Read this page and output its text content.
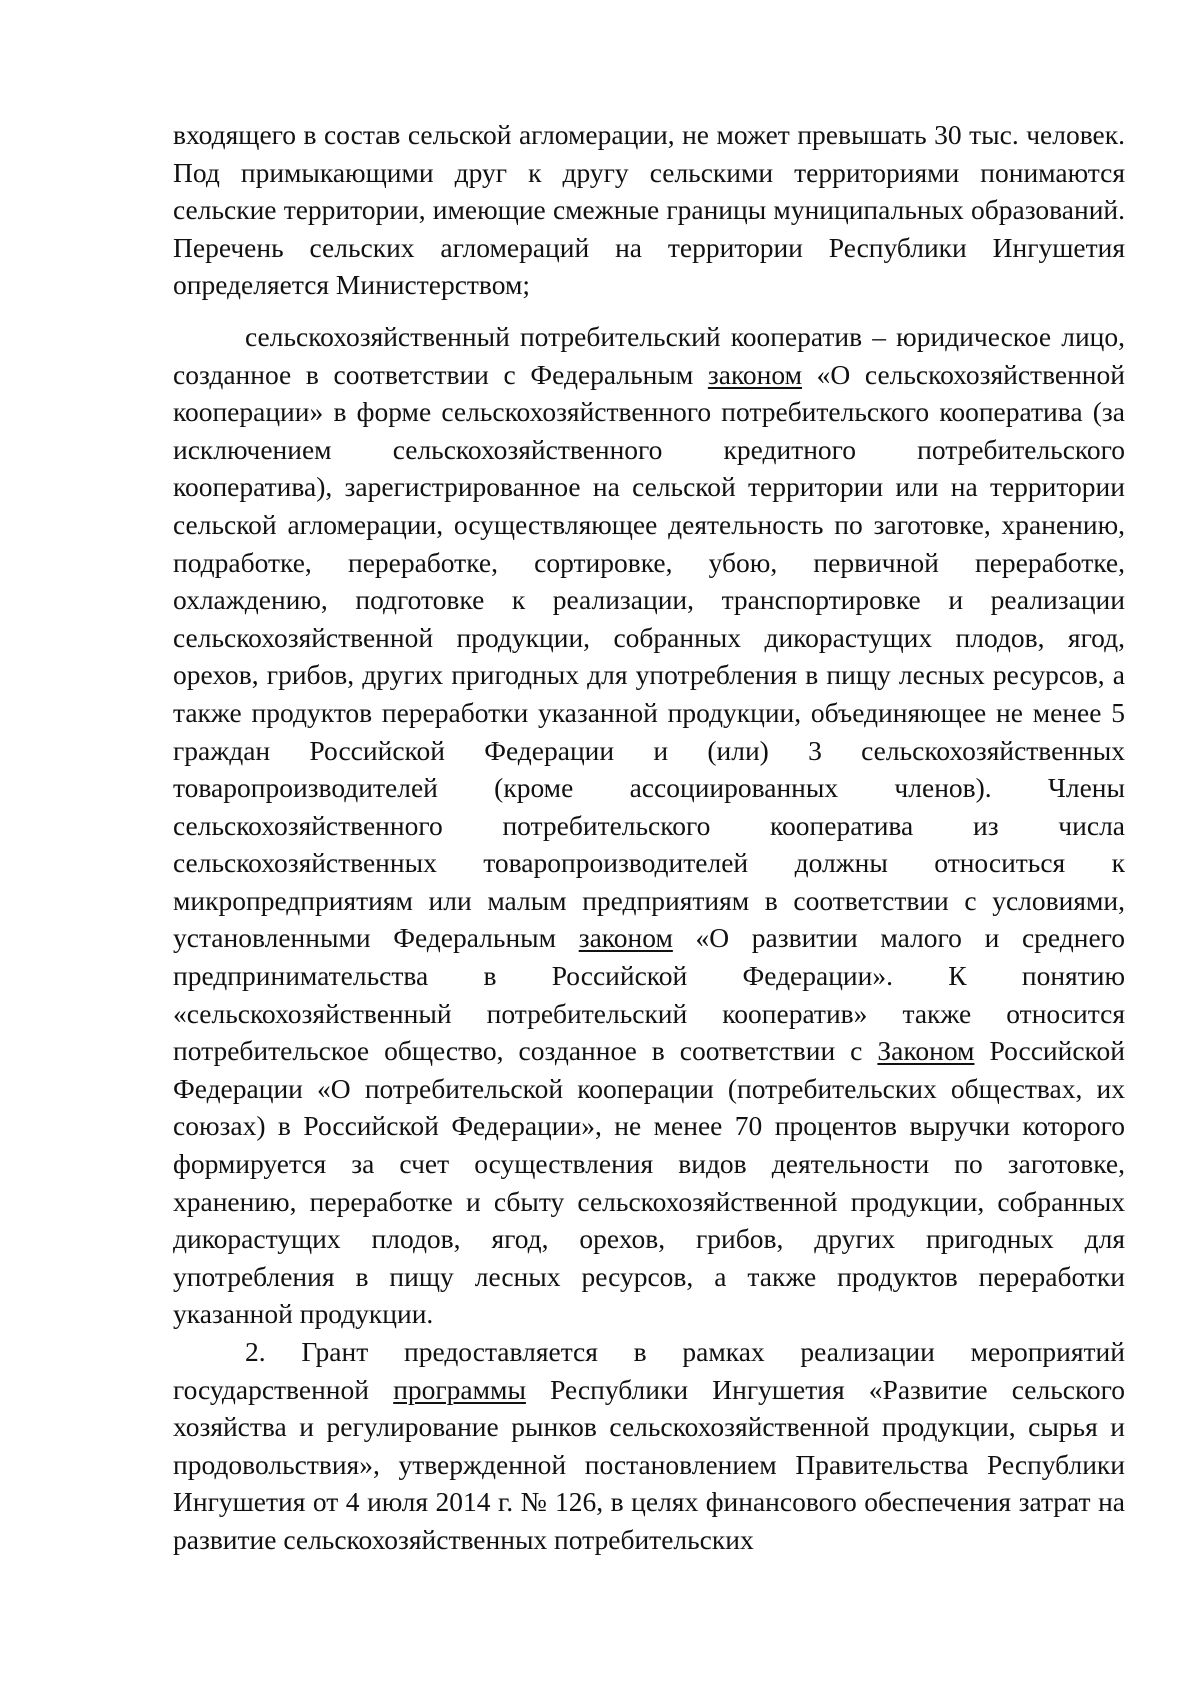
входящего в состав сельской агломерации, не может превышать 30 тыс. человек. Под примыкающими друг к другу сельскими территориями понимаются сельские территории, имеющие смежные границы муниципальных образований. Перечень сельских агломераций на территории Республики Ингушетия определяется Министерством;

сельскохозяйственный потребительский кооператив – юридическое лицо, созданное в соответствии с Федеральным законом «О сельскохозяйственной кооперации» в форме сельскохозяйственного потребительского кооператива (за исключением сельскохозяйственного кредитного потребительского кооператива), зарегистрированное на сельской территории или на территории сельской агломерации, осуществляющее деятельность по заготовке, хранению, подработке, переработке, сортировке, убою, первичной переработке, охлаждению, подготовке к реализации, транспортировке и реализации сельскохозяйственной продукции, собранных дикорастущих плодов, ягод, орехов, грибов, других пригодных для употребления в пищу лесных ресурсов, а также продуктов переработки указанной продукции, объединяющее не менее 5 граждан Российской Федерации и (или) 3 сельскохозяйственных товаропроизводителей (кроме ассоциированных членов). Члены сельскохозяйственного потребительского кооператива из числа сельскохозяйственных товаропроизводителей должны относиться к микропредприятиям или малым предприятиям в соответствии с условиями, установленными Федеральным законом «О развитии малого и среднего предпринимательства в Российской Федерации». К понятию «сельскохозяйственный потребительский кооператив» также относится потребительское общество, созданное в соответствии с Законом Российской Федерации «О потребительской кооперации (потребительских обществах, их союзах) в Российской Федерации», не менее 70 процентов выручки которого формируется за счет осуществления видов деятельности по заготовке, хранению, переработке и сбыту сельскохозяйственной продукции, собранных дикорастущих плодов, ягод, орехов, грибов, других пригодных для употребления в пищу лесных ресурсов, а также продуктов переработки указанной продукции.

2. Грант предоставляется в рамках реализации мероприятий государственной программы Республики Ингушетия «Развитие сельского хозяйства и регулирование рынков сельскохозяйственной продукции, сырья и продовольствия», утвержденной постановлением Правительства Республики Ингушетия от 4 июля 2014 г. № 126, в целях финансового обеспечения затрат на развитие сельскохозяйственных потребительских
